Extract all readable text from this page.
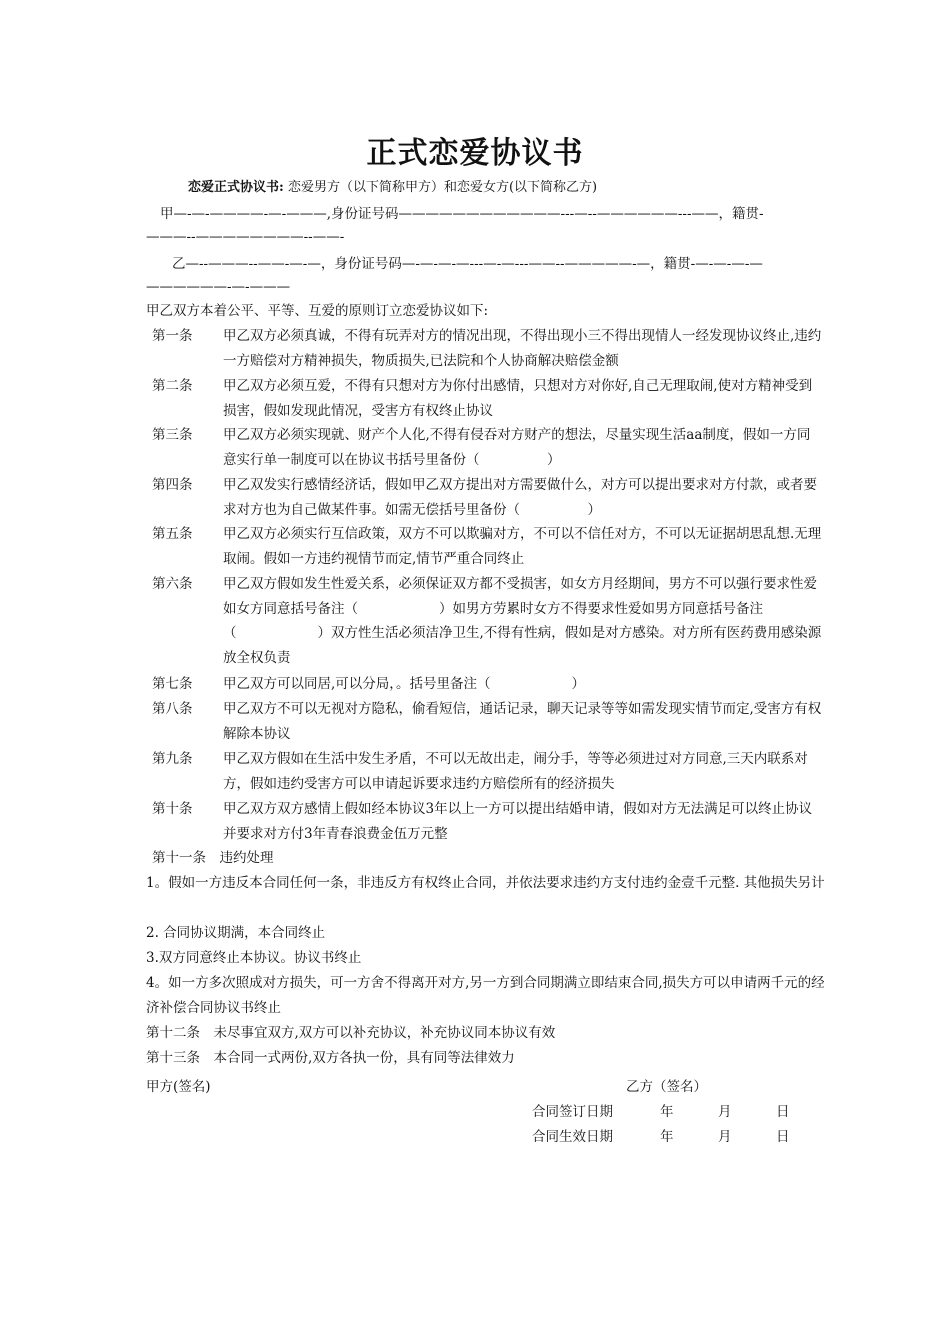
正式恋爱协议书
恋爱正式协议书: 恋爱男方（以下简称甲方）和恋爱女方(以下简称乙方)
甲—-—-————-—-———,身份证号码————————————---—--——————---——，籍贯-
———--————————--——-
乙—--———--——-—-—，身份证号码—-—-—-—---—-—---——--—————-—，籍贯-—-—-—-—
——————-—-———
甲乙双方本着公平、平等、互爱的原则订立恋爱协议如下:
第一条	甲乙双方必须真诚，不得有玩弄对方的情况出现，不得出现小三不得出现情人一经发现协议终止,违约一方赔偿对方精神损失，物质损失,已法院和个人协商解决赔偿金额
第二条	甲乙双方必须互爱，不得有只想对方为你付出感情，只想对方对你好,自己无理取闹,使对方精神受到损害，假如发现此情况，受害方有权终止协议
第三条	甲乙双方必须实现就、财产个人化,不得有侵吞对方财产的想法，尽量实现生活aa制度，假如一方同意实行单一制度可以在协议书括号里备份（　　　　　）
第四条	甲乙双发实行感情经济话，假如甲乙双方提出对方需要做什么，对方可以提出要求对方付款，或者要求对方也为自己做某件事。如需无偿括号里备份（　　　　　）
第五条	甲乙双方必须实行互信政策，双方不可以欺骗对方，不可以不信任对方，不可以无证据胡思乱想.无理取闹。假如一方违约视情节而定,情节严重合同终止
第六条	甲乙双方假如发生性爱关系，必须保证双方都不受损害，如女方月经期间，男方不可以强行要求性爱如女方同意括号备注（　　　　　　）如男方劳累时女方不得要求性爱如男方同意括号备注（　　　　　　）双方性生活必须洁净卫生,不得有性病，假如是对方感染。对方所有医药费用感染源放全权负责
第七条	甲乙双方可以同居,可以分局，。括号里备注（　　　　　　）
第八条	甲乙双方不可以无视对方隐私，偷看短信，通话记录，聊天记录等等如需发现实情节而定,受害方有权解除本协议
第九条	甲乙双方假如在生活中发生矛盾，不可以无故出走，闹分手，等等必须进过对方同意,三天内联系对方，假如违约受害方可以申请起诉要求违约方赔偿所有的经济损失
第十条	甲乙双方双方感情上假如经本协议3年以上一方可以提出结婚申请，假如对方无法满足可以终止协议并要求对方付3年青春浪费金伍万元整
第十一条　违约处理
1。假如一方违反本合同任何一条，非违反方有权终止合同，并依法要求违约方支付违约金壹千元整. 其他损失另计
2. 合同协议期满，本合同终止
3.双方同意终止本协议。协议书终止
4。如一方多次照成对方损失，可一方舍不得离开对方,另一方到合同期满立即结束合同,损失方可以申请两千元的经济补偿合同协议书终止
第十二条　未尽事宜双方,双方可以补充协议，补充协议同本协议有效
第十三条　本合同一式两份,双方各执一份，具有同等法律效力
甲方(签名)	乙方（签名）
合同签订日期	年	月	日
合同生效日期	年	月	日
